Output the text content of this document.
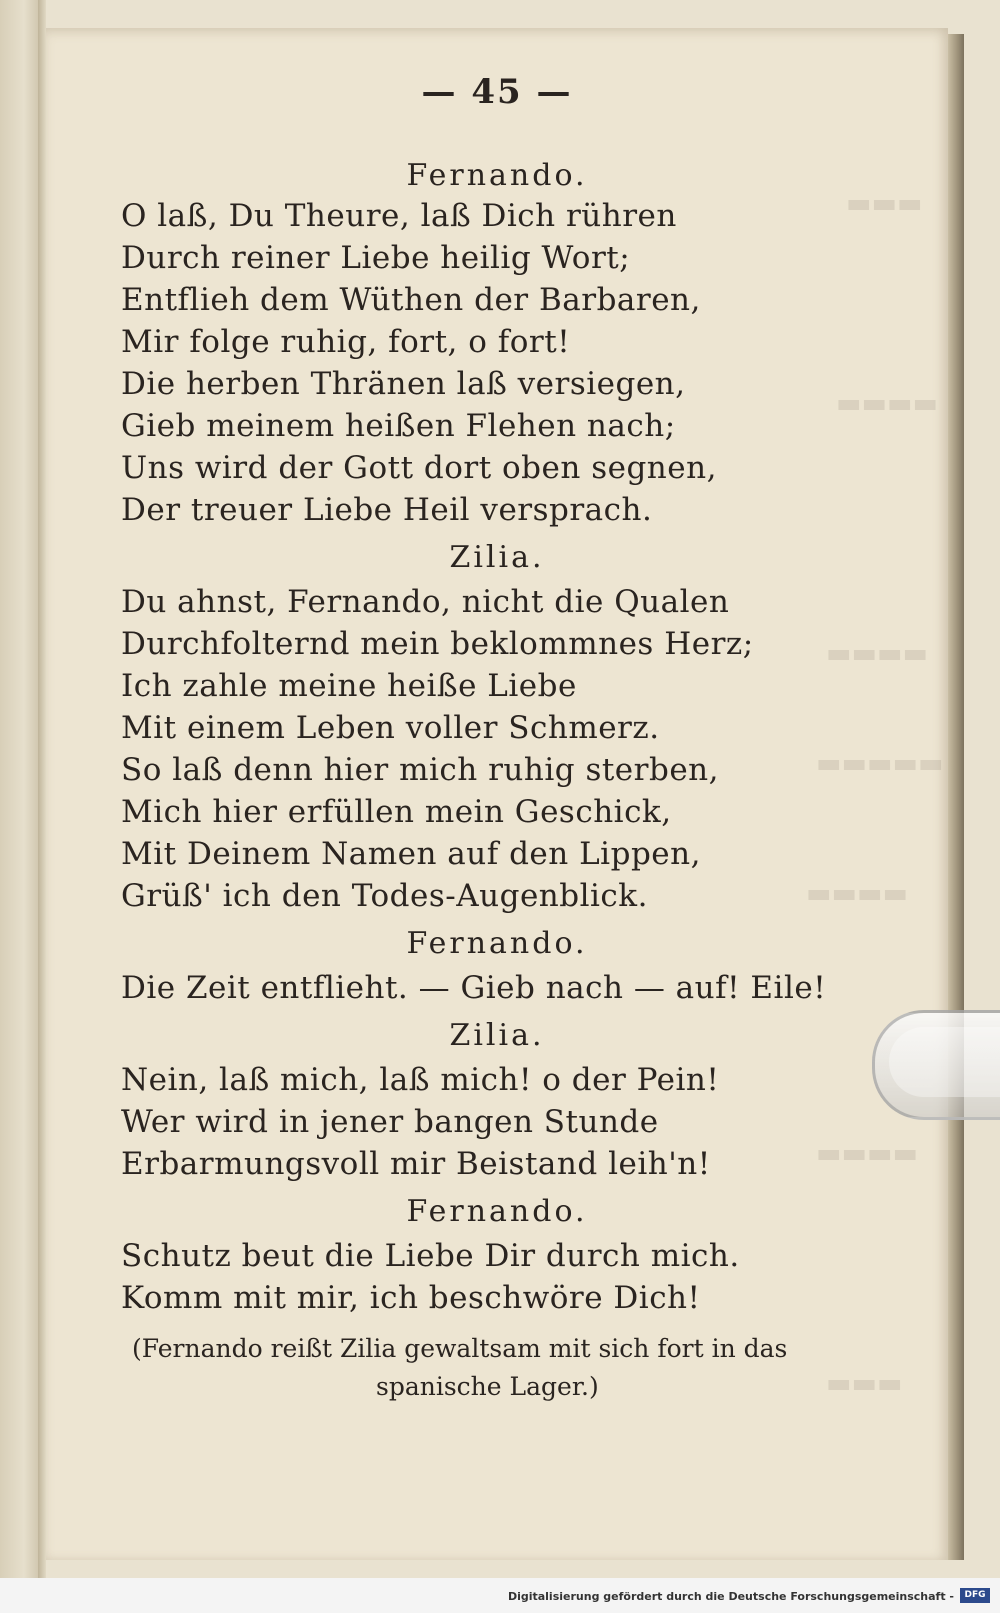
▬▬▬
▬▬▬▬
▬▬▬▬
▬▬▬▬▬
▬▬▬▬
▬▬▬▬
▬▬▬
— 45 —
Fernando.
O laß, Du Theure, laß Dich rühren
Durch reiner Liebe heilig Wort;
Entflieh dem Wüthen der Barbaren,
Mir folge ruhig, fort, o fort!
Die herben Thränen laß versiegen,
Gieb meinem heißen Flehen nach;
Uns wird der Gott dort oben segnen,
Der treuer Liebe Heil versprach.
Zilia.
Du ahnst, Fernando, nicht die Qualen
Durchfolternd mein beklommnes Herz;
Ich zahle meine heiße Liebe
Mit einem Leben voller Schmerz.
So laß denn hier mich ruhig sterben,
Mich hier erfüllen mein Geschick,
Mit Deinem Namen auf den Lippen,
Grüß' ich den Todes-Augenblick.
Fernando.
Die Zeit entflieht. — Gieb nach — auf! Eile!
Zilia.
Nein, laß mich, laß mich! o der Pein!
Wer wird in jener bangen Stunde
Erbarmungsvoll mir Beistand leih'n!
Fernando.
Schutz beut die Liebe Dir durch mich.
Komm mit mir, ich beschwöre Dich!
(Fernando reißt Zilia gewaltsam mit sich fort in das
spanische Lager.)
Digitalisierung gefördert durch die Deutsche Forschungsgemeinschaft -	DFG
